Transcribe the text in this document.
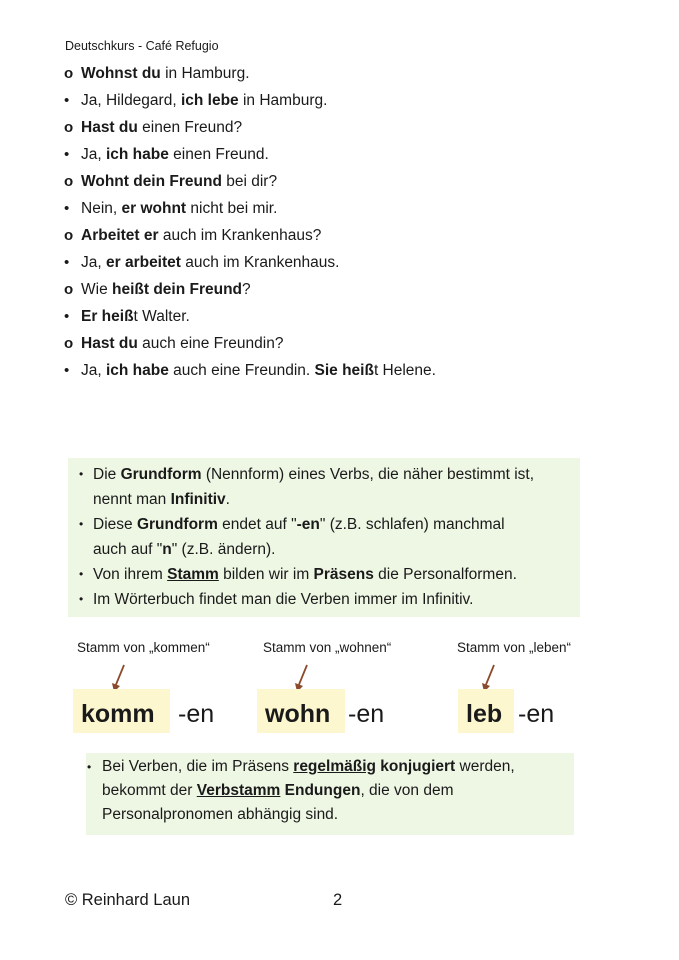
Deutschkurs - Café Refugio
o Wohnst du in Hamburg.
• Ja, Hildegard, ich lebe in Hamburg.
o Hast du einen Freund?
• Ja, ich habe einen Freund.
o Wohnt dein Freund bei dir?
• Nein, er wohnt nicht bei mir.
o Arbeitet er auch im Krankenhaus?
• Ja, er arbeitet auch im Krankenhaus.
o Wie heißt dein Freund?
• Er heißt Walter.
o Hast du auch eine Freundin?
• Ja, ich habe auch eine Freundin. Sie heißt Helene.
• Die Grundform (Nennform) eines Verbs, die näher bestimmt ist,
nennt man Infinitiv.
• Diese Grundform endet auf "-en" (z.B. schlafen) manchmal
auch auf "n" (z.B. ändern).
• Von ihrem Stamm bilden wir im Präsens die Personalformen.
• Im Wörterbuch findet man die Verben immer im Infinitiv.
Stamm von „kommen“	Stamm von „wohnen“	Stamm von „leben“
komm -en	wohn -en	leb -en
• Bei Verben, die im Präsens regelmäßig konjugiert werden,
bekommt der Verbstamm Endungen, die von dem
Personalpronomen abhängig sind.
© Reinhard Laun	2
